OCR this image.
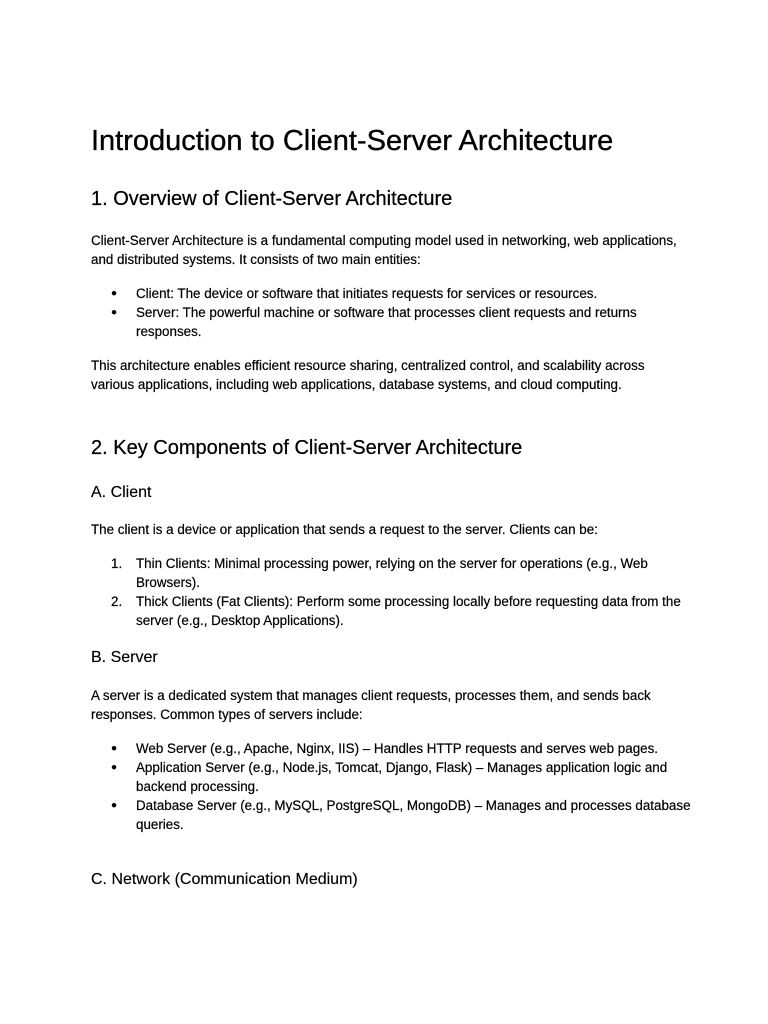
Introduction to Client-Server Architecture
1. Overview of Client-Server Architecture

Client-Server Architecture is a fundamental computing model used in networking, web applications, and distributed systems. It consists of two main entities:

●	Client: The device or software that initiates requests for services or resources.
●	Server: The powerful machine or software that processes client requests and returns responses.

This architecture enables efficient resource sharing, centralized control, and scalability across various applications, including web applications, database systems, and cloud computing.

2. Key Components of Client-Server Architecture
A. Client

The client is a device or application that sends a request to the server. Clients can be:

1.	Thin Clients: Minimal processing power, relying on the server for operations (e.g., Web Browsers).
2.	Thick Clients (Fat Clients): Perform some processing locally before requesting data from the server (e.g., Desktop Applications).
B. Server

A server is a dedicated system that manages client requests, processes them, and sends back responses. Common types of servers include:

●	Web Server (e.g., Apache, Nginx, IIS) – Handles HTTP requests and serves web pages.
●	Application Server (e.g., Node.js, Tomcat, Django, Flask) – Manages application logic and backend processing.
●	Database Server (e.g., MySQL, PostgreSQL, MongoDB) – Manages and processes database queries.
C. Network (Communication Medium)
